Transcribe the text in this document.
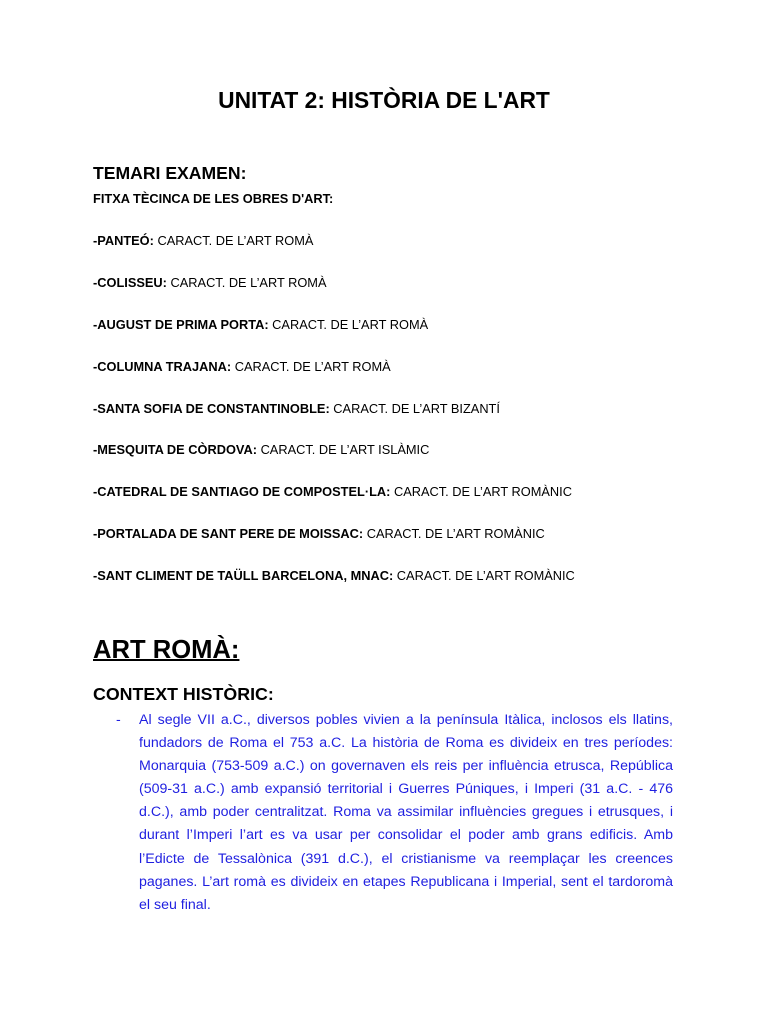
UNITAT 2: HISTÒRIA DE L'ART
TEMARI EXAMEN:
FITXA TÈCINCA DE LES OBRES D'ART:
-PANTEÓ: CARACT. DE L’ART ROMÀ
-COLISSEU: CARACT. DE L’ART ROMÀ
-AUGUST DE PRIMA PORTA: CARACT. DE L’ART ROMÀ
-COLUMNA TRAJANA: CARACT. DE L’ART ROMÀ
-SANTA SOFIA DE CONSTANTINOBLE: CARACT. DE L’ART BIZANTÍ
-MESQUITA DE CÒRDOVA: CARACT. DE L’ART ISLÀMIC
-CATEDRAL DE SANTIAGO DE COMPOSTEL·LA: CARACT. DE L’ART ROMÀNIC
-PORTALADA DE SANT PERE DE MOISSAC: CARACT. DE L’ART ROMÀNIC
-SANT CLIMENT DE TAÜLL BARCELONA, MNAC: CARACT. DE L’ART ROMÀNIC
ART ROMÀ:
CONTEXT HISTÒRIC:
- Al segle VII a.C., diversos pobles vivien a la península Itàlica, inclosos els llatins,
fundadors de Roma el 753 a.C. La història de Roma es divideix en tres períodes:
Monarquia (753-509 a.C.) on governaven els reis per influència etrusca, República
(509-31 a.C.) amb expansió territorial i Guerres Púniques, i Imperi (31 a.C. - 476
d.C.), amb poder centralitzat. Roma va assimilar influències gregues i etrusques, i
durant l’Imperi l’art es va usar per consolidar el poder amb grans edificis. Amb
l’Edicte de Tessalònica (391 d.C.), el cristianisme va reemplaçar les creences
paganes. L’art romà es divideix en etapes Republicana i Imperial, sent el tardoromà
el seu final.
